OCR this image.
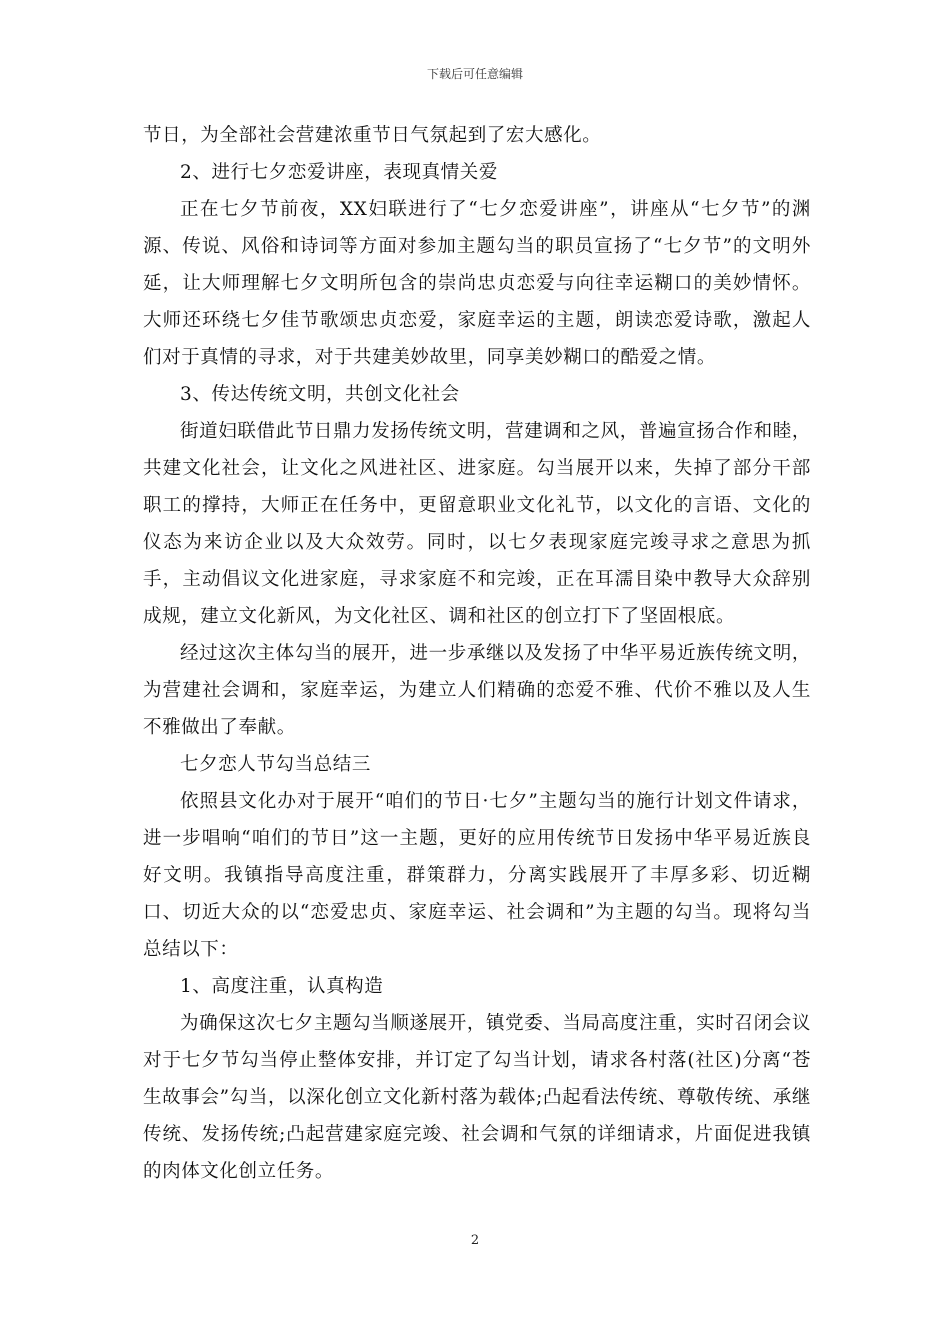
下载后可任意编辑

节日，为全部社会营建浓重节日气氛起到了宏大感化。

2、进行七夕恋爱讲座，表现真情关爱

正在七夕节前夜，XX妇联进行了“七夕恋爱讲座”，讲座从“七夕节”的渊源、传说、风俗和诗词等方面对参加主题勾当的职员宣扬了“七夕节”的文明外延，让大师理解七夕文明所包含的崇尚忠贞恋爱与向往幸运糊口的美妙情怀。大师还环绕七夕佳节歌颂忠贞恋爱，家庭幸运的主题，朗读恋爱诗歌，激起人们对于真情的寻求，对于共建美妙故里，同享美妙糊口的酷爱之情。

3、传达传统文明，共创文化社会

街道妇联借此节日鼎力发扬传统文明，营建调和之风，普遍宣扬合作和睦，共建文化社会，让文化之风进社区、进家庭。勾当展开以来，失掉了部分干部职工的撑持，大师正在任务中，更留意职业文化礼节，以文化的言语、文化的仪态为来访企业以及大众效劳。同时，以七夕表现家庭完竣寻求之意思为抓手，主动倡议文化进家庭，寻求家庭不和完竣，正在耳濡目染中教导大众辞别成规，建立文化新风，为文化社区、调和社区的创立打下了坚固根底。

经过这次主体勾当的展开，进一步承继以及发扬了中华平易近族传统文明，为营建社会调和，家庭幸运，为建立人们精确的恋爱不雅、代价不雅以及人生不雅做出了奉献。

七夕恋人节勾当总结三

依照县文化办对于展开“咱们的节日·七夕”主题勾当的施行计划文件请求，进一步唱响“咱们的节日”这一主题，更好的应用传统节日发扬中华平易近族良好文明。我镇指导高度注重，群策群力，分离实践展开了丰厚多彩、切近糊口、切近大众的以“恋爱忠贞、家庭幸运、社会调和”为主题的勾当。现将勾当总结以下：

1、高度注重，认真构造

为确保这次七夕主题勾当顺遂展开，镇党委、当局高度注重，实时召闭会议对于七夕节勾当停止整体安排，并订定了勾当计划，请求各村落(社区)分离“苍生故事会”勾当，以深化创立文化新村落为载体;凸起看法传统、尊敬传统、承继传统、发扬传统;凸起营建家庭完竣、社会调和气氛的详细请求，片面促进我镇的肉体文化创立任务。

2
